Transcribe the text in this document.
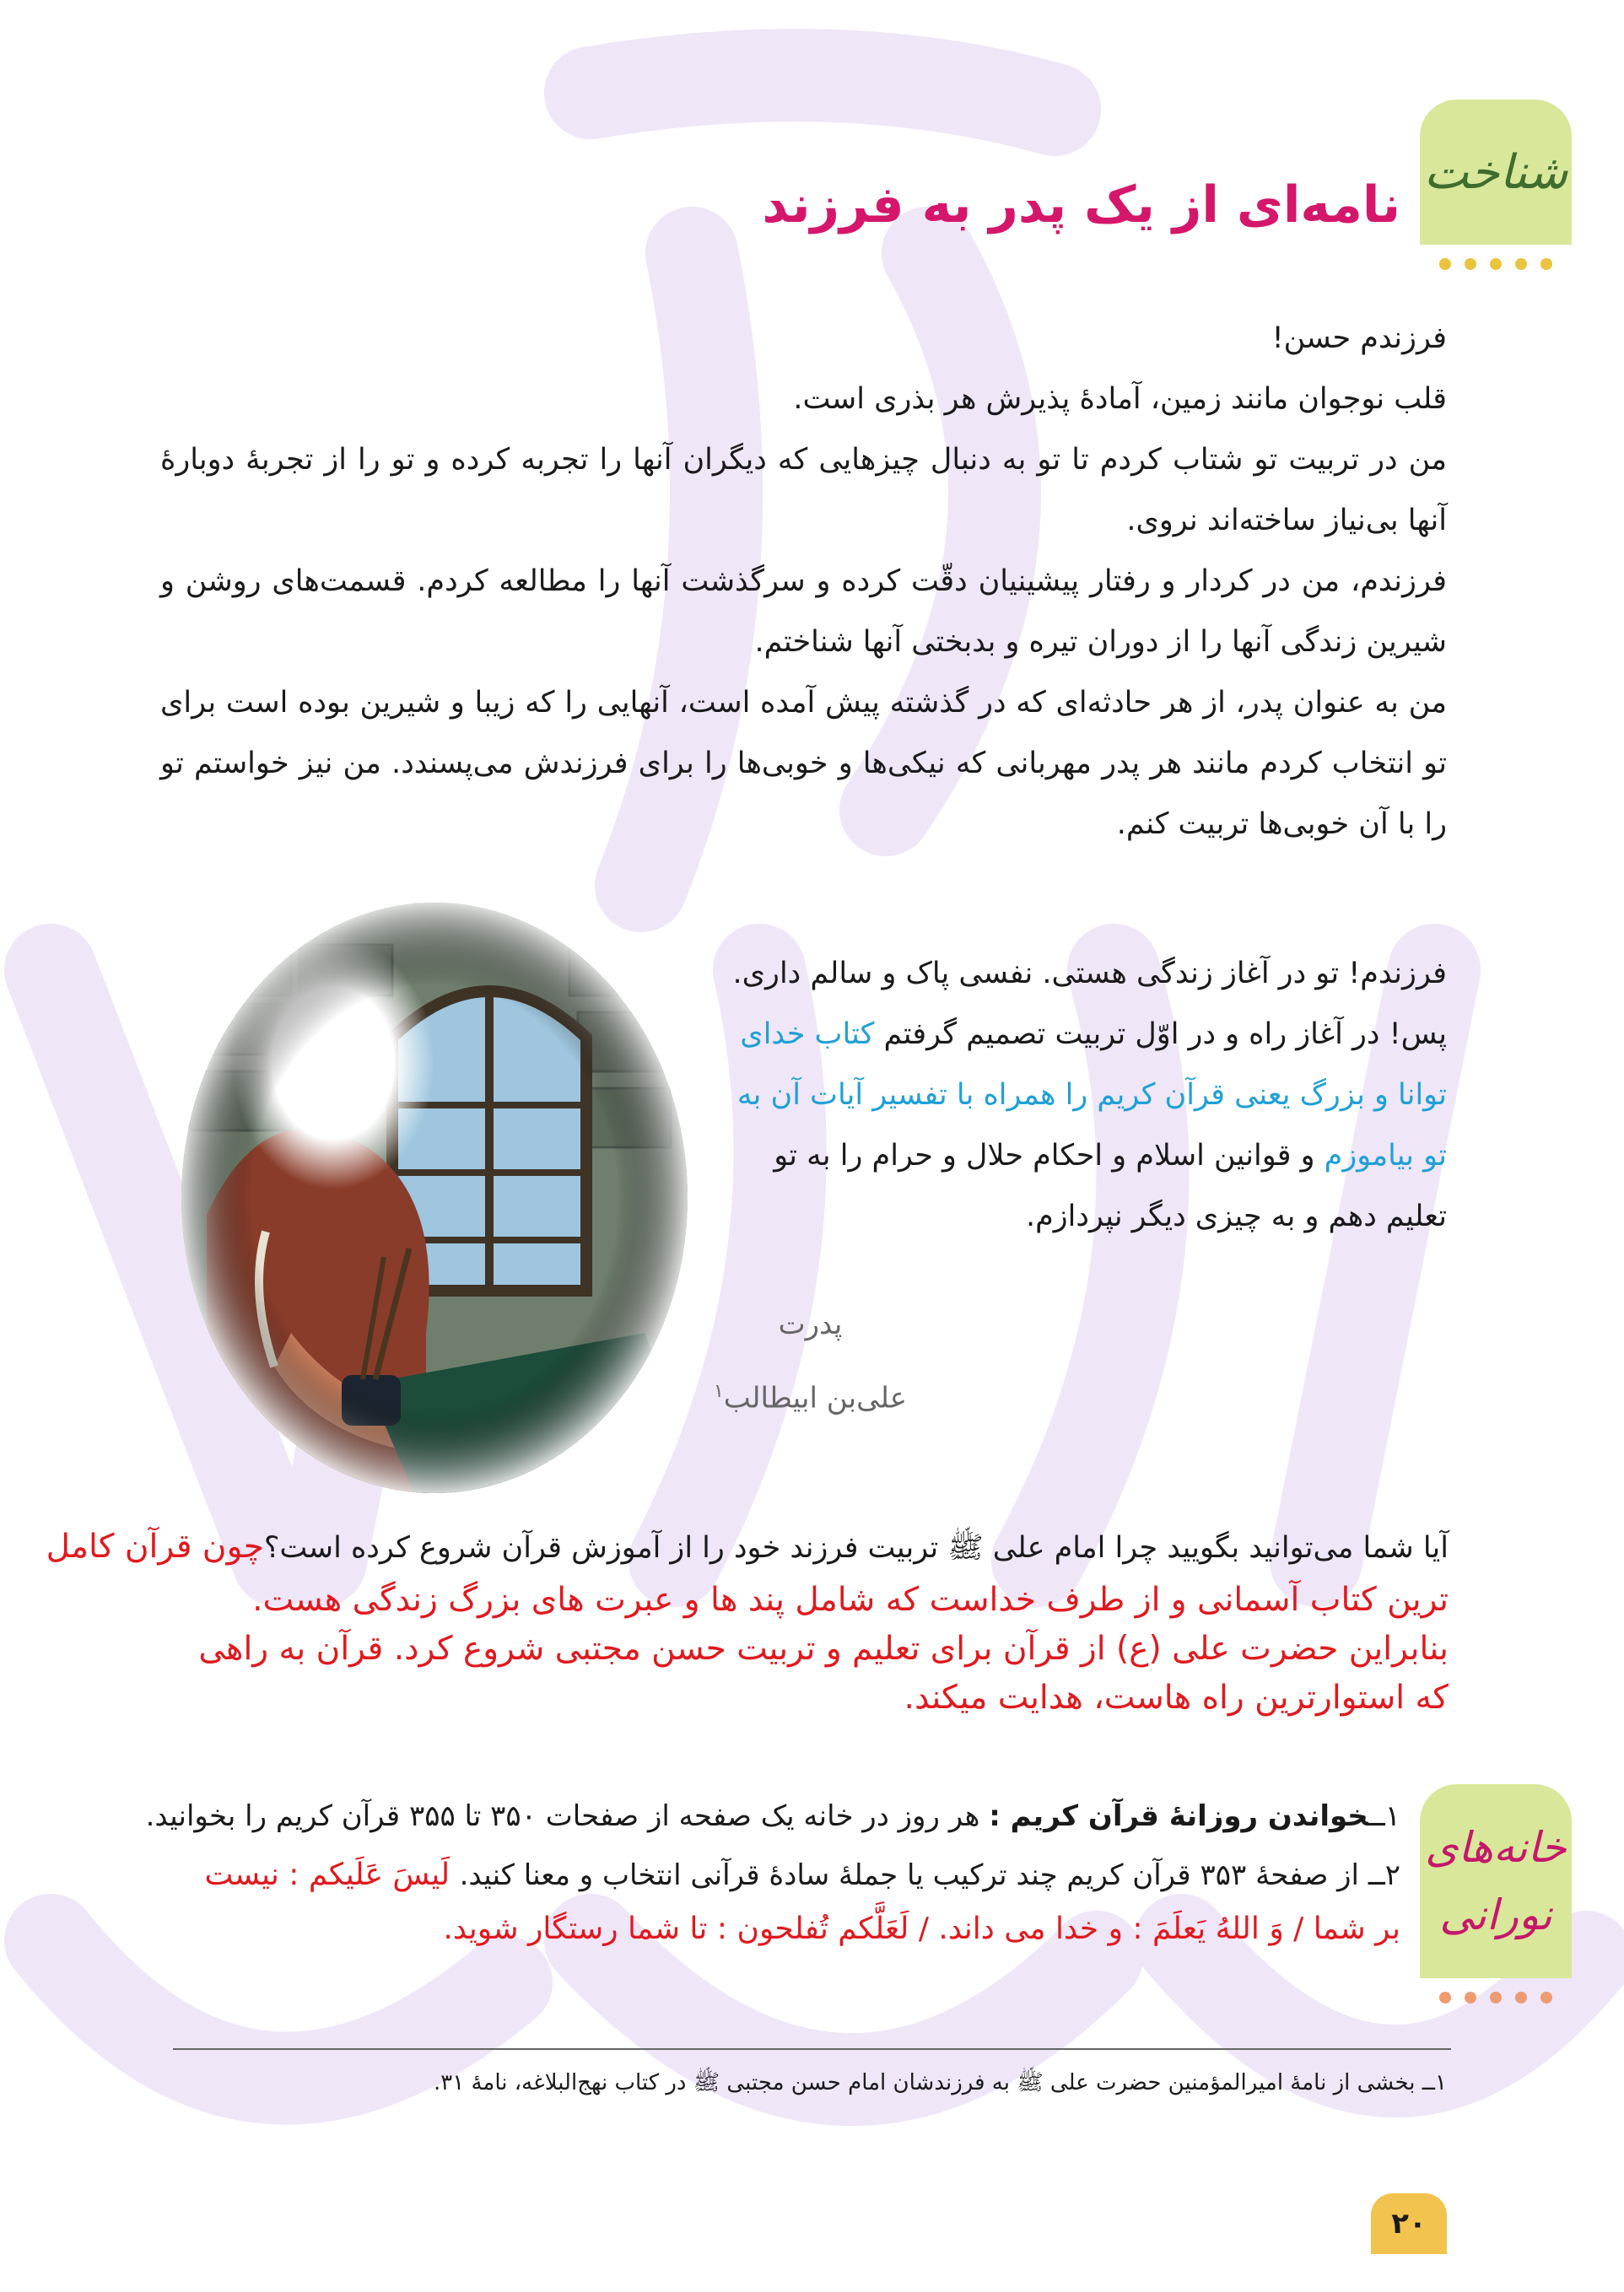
شناخت
نامه‌ای از یک پدر به فرزند

فرزندم حسن!

قلب نوجوان مانند زمین، آمادهٔ پذیرش هر بذری است.

من در تربیت تو شتاب کردم تا تو به دنبال چیزهایی که دیگران آنها را تجربه کرده و تو را از تجربهٔ دوبارهٔ آنها بی‌نیاز ساخته‌اند نروی.

فرزندم، من در کردار و رفتار پیشینیان دقّت کرده و سرگذشت آنها را مطالعه کردم. قسمت‌های روشن و شیرین زندگی آنها را از دوران تیره و بدبختی آنها شناختم.

من به عنوان پدر، از هر حادثه‌ای که در گذشته پیش آمده است، آنهایی را که زیبا و شیرین بوده است برای تو انتخاب کردم مانند هر پدر مهربانی که نیکی‌ها و خوبی‌ها را برای فرزندش می‌پسندد. من نیز خواستم تو را با آن خوبی‌ها تربیت کنم.

فرزندم! تو در آغاز زندگی هستی. نفسی پاک و سالم داری.

پس! در آغاز راه و در اوّل تربیت تصمیم گرفتم کتاب خدای توانا و بزرگ یعنی قرآن کریم را همراه با تفسیر آیات آن به تو بیاموزم و قوانین اسلام و احکام حلال و حرام را به تو تعلیم دهم و به چیزی دیگر نپردازم.

پدرت
علی‌بن ابیطالب$^۱$

آیا شما می‌توانید بگویید چرا امام علی ﷺ تربیت فرزند خود را از آموزش قرآن شروع کرده است؟چون قرآن کامل

ترین کتاب آسمانی و از طرف خداست که شامل پند ها و عبرت های بزرگ زندگی هست.
بنابراین حضرت علی (ع) از قرآن برای تعلیم و تربیت حسن مجتبی شروع کرد. قرآن به راهی
که استوارترین راه هاست، هدایت میکند.
خانه‌های
نورانی

۱ــخواندن روزانهٔ قرآن کریم : هر روز در خانه یک صفحه از صفحات ۳۵۰ تا ۳۵۵ قرآن کریم را بخوانید.

۲ــ از صفحهٔ ۳۵۳ قرآن کریم چند ترکیب یا جملهٔ سادهٔ قرآنی انتخاب و معنا کنید. لَیسَ عَلَیکم : نیست

بر شما / وَ اللهُ یَعلَمَ : و خدا می داند. / لَعَلَّکم تُفلحون : تا شما رستگار شوید.

۱ــ بخشی از نامهٔ امیرالمؤمنین حضرت علی ﷺ به فرزندشان امام حسن مجتبی ﷺ در کتاب نهج‌البلاغه، نامهٔ ۳۱.
۲۰
